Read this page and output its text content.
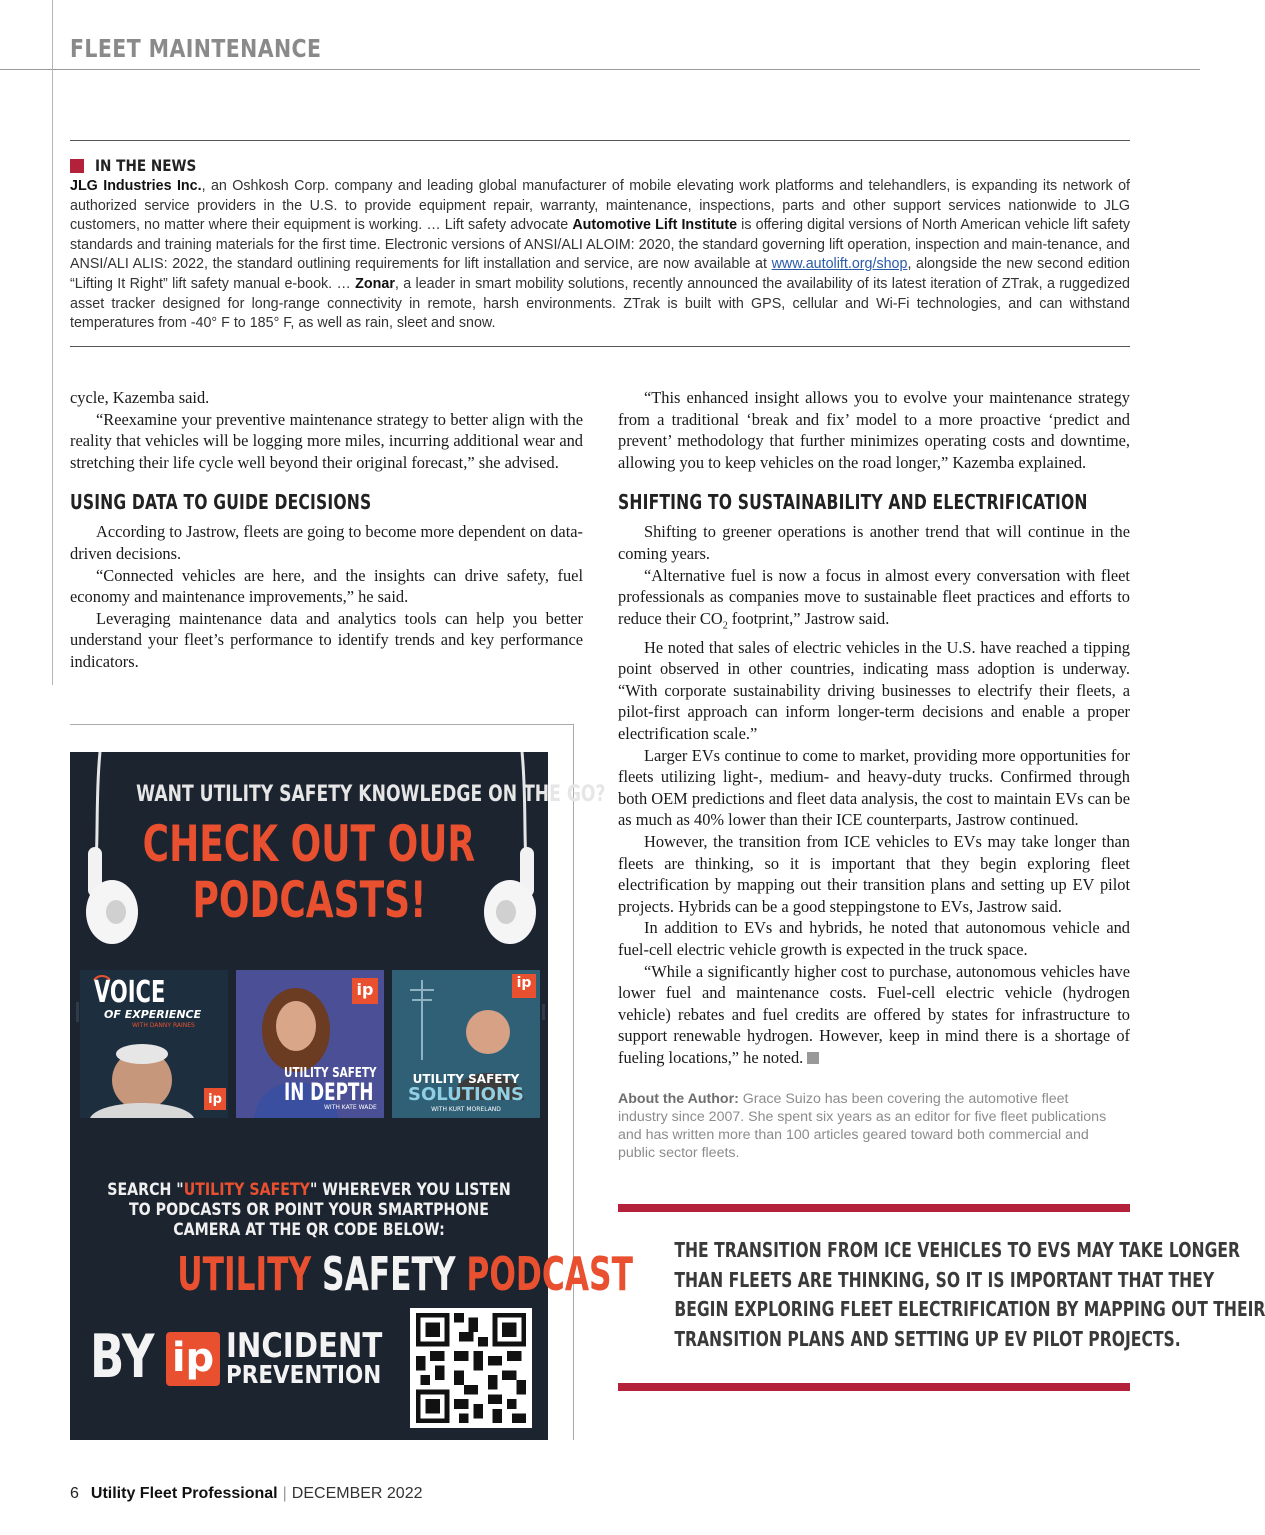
FLEET MAINTENANCE
IN THE NEWS
JLG Industries Inc., an Oshkosh Corp. company and leading global manufacturer of mobile elevating work platforms and telehandlers, is expanding its network of authorized service providers in the U.S. to provide equipment repair, warranty, maintenance, inspections, parts and other support services nationwide to JLG customers, no matter where their equipment is working. … Lift safety advocate Automotive Lift Institute is offering digital versions of North American vehicle lift safety standards and training materials for the first time. Electronic versions of ANSI/ALI ALOIM: 2020, the standard governing lift operation, inspection and main-tenance, and ANSI/ALI ALIS: 2022, the standard outlining requirements for lift installation and service, are now available at www.autolift.org/shop, alongside the new second edition “Lifting It Right” lift safety manual e-book. … Zonar, a leader in smart mobility solutions, recently announced the availability of its latest iteration of ZTrak, a ruggedized asset tracker designed for long-range connectivity in remote, harsh environments. ZTrak is built with GPS, cellular and Wi-Fi technologies, and can withstand temperatures from -40° F to 185° F, as well as rain, sleet and snow.

cycle, Kazemba said.

“Reexamine your preventive maintenance strategy to better align with the reality that vehicles will be logging more miles, incurring additional wear and stretching their life cycle well beyond their original forecast,” she advised.

USING DATA TO GUIDE DECISIONS

According to Jastrow, fleets are going to become more dependent on data-driven decisions.

“Connected vehicles are here, and the insights can drive safety, fuel economy and maintenance improvements,” he said.

Leveraging maintenance data and analytics tools can help you better understand your fleet’s performance to identify trends and key performance indicators.

“This enhanced insight allows you to evolve your maintenance strategy from a traditional ‘break and fix’ model to a more proactive ‘predict and prevent’ methodology that further minimizes operating costs and downtime, allowing you to keep vehicles on the road longer,” Kazemba explained.

SHIFTING TO SUSTAINABILITY AND ELECTRIFICATION

Shifting to greener operations is another trend that will continue in the coming years.

“Alternative fuel is now a focus in almost every conversation with fleet professionals as companies move to sustainable fleet practices and efforts to reduce their $CO_2$ footprint,” Jastrow said.

He noted that sales of electric vehicles in the U.S. have reached a tipping point observed in other countries, indicating mass adoption is underway. “With corporate sustainability driving businesses to electrify their fleets, a pilot-first approach can inform longer-term decisions and enable a proper electrification scale.”

Larger EVs continue to come to market, providing more opportunities for fleets utilizing light-, medium- and heavy-duty trucks. Confirmed through both OEM predictions and fleet data analysis, the cost to maintain EVs can be as much as 40% lower than their ICE counterparts, Jastrow continued.

However, the transition from ICE vehicles to EVs may take longer than fleets are thinking, so it is important that they begin exploring fleet electrification by mapping out their transition plans and setting up EV pilot projects. Hybrids can be a good steppingstone to EVs, Jastrow said.

In addition to EVs and hybrids, he noted that autonomous vehicle and fuel-cell electric vehicle growth is expected in the truck space.

“While a significantly higher cost to purchase, autonomous vehicles have lower fuel and maintenance costs. Fuel-cell electric vehicle (hydrogen vehicle) rebates and fuel credits are offered by states for infrastructure to support renewable hydrogen. However, keep in mind there is a shortage of fueling locations,” he noted.

About the Author: Grace Suizo has been covering the automotive fleet industry since 2007. She spent six years as an editor for five fleet publications and has written more than 100 articles geared toward both commercial and public sector fleets.
THE TRANSITION FROM ICE VEHICLES TO EVS MAY TAKE LONGER
THAN FLEETS ARE THINKING, SO IT IS IMPORTANT THAT THEY
BEGIN EXPLORING FLEET ELECTRIFICATION BY MAPPING OUT THEIR
TRANSITION PLANS AND SETTING UP EV PILOT PROJECTS.
WANT UTILITY SAFETY KNOWLEDGE ON THE GO?
CHECK OUT OUR
PODCASTS!
VOICE
OF EXPERIENCE
WITH DANNY RAINES
ip
ip
UTILITY SAFETY
IN DEPTH
WITH KATE WADE
ip
UTILITY SAFETY
SOLUTIONS
WITH KURT MORELAND
SEARCH "UTILITY SAFETY" WHEREVER YOU LISTEN
TO PODCASTS OR POINT YOUR SMARTPHONE
CAMERA AT THE QR CODE BELOW:
UTILITY SAFETY PODCAST
BY ip INCIDENT
PREVENTION
6 Utility Fleet Professional | DECEMBER 2022
